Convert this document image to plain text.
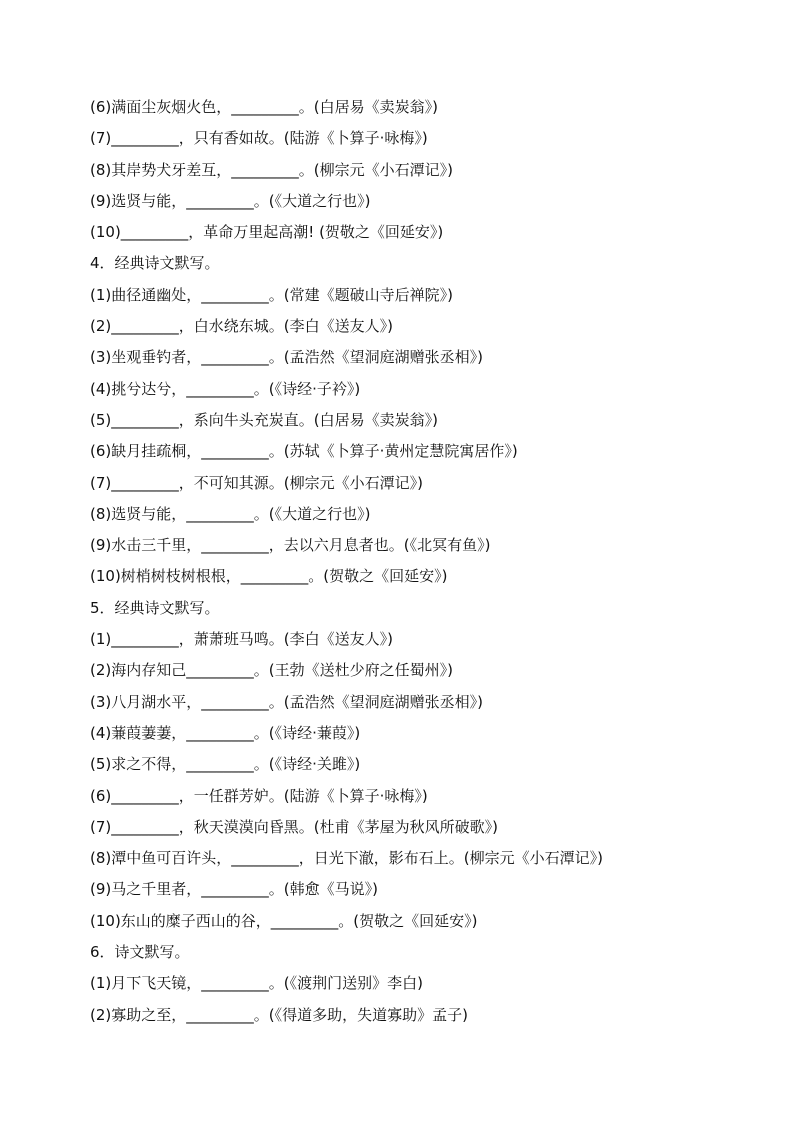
(6)满面尘灰烟火色，_________。(白居易《卖炭翁》)
(7)_________，只有香如故。(陆游《卜算子·咏梅》)
(8)其岸势犬牙差互，_________。(柳宗元《小石潭记》)
(9)选贤与能，_________。(《大道之行也》)
(10)_________，革命万里起高潮! (贺敬之《回延安》)
4．经典诗文默写。
(1)曲径通幽处，_________。(常建《题破山寺后禅院》)
(2)_________，白水绕东城。(李白《送友人》)
(3)坐观垂钓者，_________。(孟浩然《望洞庭湖赠张丞相》)
(4)挑兮达兮，_________。(《诗经·子衿》)
(5)_________，系向牛头充炭直。(白居易《卖炭翁》)
(6)缺月挂疏桐，_________。(苏轼《卜算子·黄州定慧院寓居作》)
(7)_________，不可知其源。(柳宗元《小石潭记》)
(8)选贤与能，_________。(《大道之行也》)
(9)水击三千里，_________，去以六月息者也。(《北冥有鱼》)
(10)树梢树枝树根根，_________。(贺敬之《回延安》)
5．经典诗文默写。
(1)_________，萧萧班马鸣。(李白《送友人》)
(2)海内存知己_________。(王勃《送杜少府之任蜀州》)
(3)八月湖水平，_________。(孟浩然《望洞庭湖赠张丞相》)
(4)蒹葭萋萋，_________。(《诗经·蒹葭》)
(5)求之不得，_________。(《诗经·关雎》)
(6)_________，一任群芳妒。(陆游《卜算子·咏梅》)
(7)_________，秋天漠漠向昏黑。(杜甫《茅屋为秋风所破歌》)
(8)潭中鱼可百许头，_________，日光下澈，影布石上。(柳宗元《小石潭记》)
(9)马之千里者，_________。(韩愈《马说》)
(10)东山的糜子西山的谷，_________。(贺敬之《回延安》)
6．诗文默写。
(1)月下飞天镜，_________。(《渡荆门送别》李白)
(2)寡助之至，_________。(《得道多助，失道寡助》孟子)
